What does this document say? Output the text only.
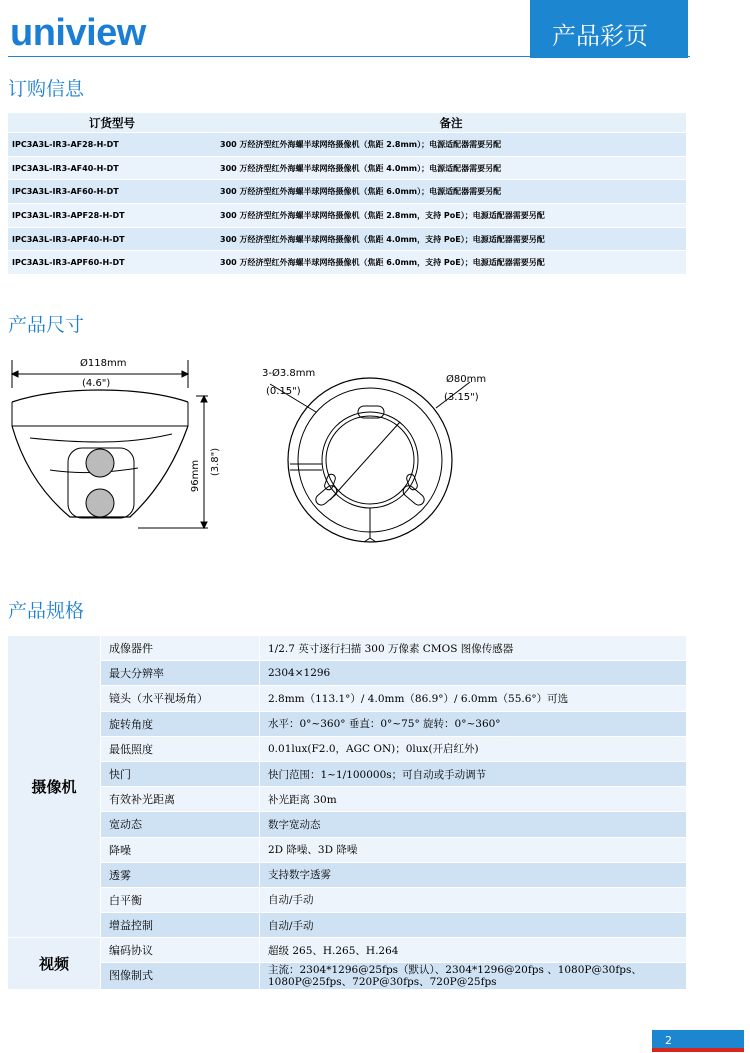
uniview	产品彩页
订购信息
订货型号	备注
IPC3A3L-IR3-AF28-H-DT	300 万经济型红外海螺半球网络摄像机（焦距 2.8mm）；电源适配器需要另配
IPC3A3L-IR3-AF40-H-DT	300 万经济型红外海螺半球网络摄像机（焦距 4.0mm）；电源适配器需要另配
IPC3A3L-IR3-AF60-H-DT	300 万经济型红外海螺半球网络摄像机（焦距 6.0mm）；电源适配器需要另配
IPC3A3L-IR3-APF28-H-DT	300 万经济型红外海螺半球网络摄像机（焦距 2.8mm，支持 PoE）；电源适配器需要另配
IPC3A3L-IR3-APF40-H-DT	300 万经济型红外海螺半球网络摄像机（焦距 4.0mm，支持 PoE）；电源适配器需要另配
IPC3A3L-IR3-APF60-H-DT	300 万经济型红外海螺半球网络摄像机（焦距 6.0mm，支持 PoE）；电源适配器需要另配
产品尺寸
Ø118mm
(4.6")
96mm (3.8")
3-Ø3.8mm
(0.15")
Ø80mm
(3.15")
产品规格
摄像机	成像器件	1/2.7 英寸逐行扫描 300 万像素 CMOS 图像传感器
	最大分辨率	2304×1296
	镜头（水平视场角）	2.8mm（113.1°）/ 4.0mm（86.9°）/ 6.0mm（55.6°）可选
	旋转角度	水平：0°~360° 垂直：0°~75° 旋转：0°~360°
	最低照度	0.01lux(F2.0，AGC ON)；0lux(开启红外)
	快门	快门范围：1~1/100000s；可自动或手动调节
	有效补光距离	补光距离 30m
	宽动态	数字宽动态
	降噪	2D 降噪、3D 降噪
	透雾	支持数字透雾
	白平衡	自动/手动
	增益控制	自动/手动
视频	编码协议	超级 265、H.265、H.264
	图像制式	主流：2304*1296@25fps（默认）、2304*1296@20fps 、1080P@30fps、1080P@25fps、720P@30fps、720P@25fps
2
